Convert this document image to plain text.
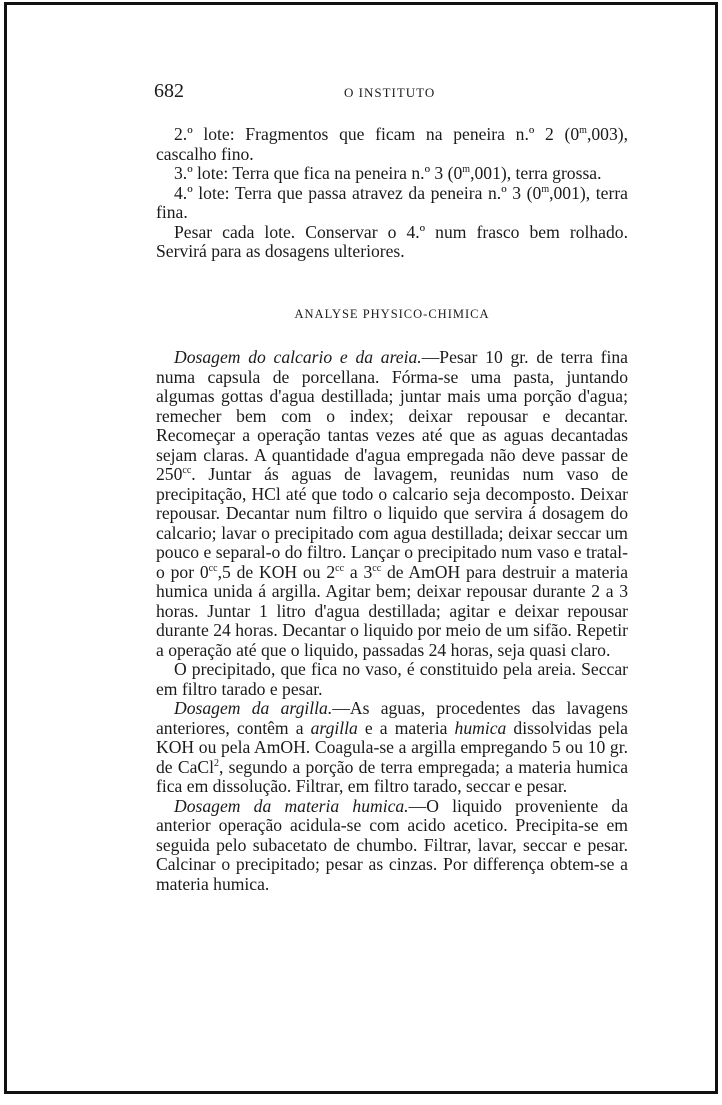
682	O INSTITUTO

2.º lote: Fragmentos que ficam na peneira n.º 2 (0$^m$,003), cascalho fino.

3.º lote: Terra que fica na peneira n.º 3 (0$^m$,001), terra grossa.

4.º lote: Terra que passa atravez da peneira n.º 3 (0$^m$,001), terra fina.

Pesar cada lote. Conservar o 4.º num frasco bem rolhado. Servirá para as dosagens ulteriores.

ANALYSE PHYSICO-CHIMICA

Dosagem do calcario e da areia.—Pesar 10 gr. de terra fina numa capsula de porcellana. Fórma-se uma pasta, juntando algumas gottas d'agua destillada; juntar mais uma porção d'agua; remecher bem com o index; deixar repousar e decantar. Recomeçar a operação tantas vezes até que as aguas decantadas sejam claras. A quantidade d'agua empregada não deve passar de $250^{cc}$. Juntar ás aguas de lavagem, reunidas num vaso de precipitação, HCl até que todo o calcario seja decomposto. Deixar repousar. Decantar num filtro o liquido que servira á dosagem do calcario; lavar o precipitado com agua destillada; deixar seccar um pouco e separal-o do filtro. Lançar o precipitado num vaso e tratal-o por $0^{cc},5$ de KOH ou $2^{cc}$ a $3^{cc}$ de AmOH para destruir a materia humica unida á argilla. Agitar bem; deixar repousar durante 2 a 3 horas. Juntar 1 litro d'agua destillada; agitar e deixar repousar durante 24 horas. Decantar o liquido por meio de um sifão. Repetir a operação até que o liquido, passadas 24 horas, seja quasi claro.

O precipitado, que fica no vaso, é constituido pela areia. Seccar em filtro tarado e pesar.

Dosagem da argilla.—As aguas, procedentes das lavagens anteriores, contêm a argilla e a materia humica dissolvidas pela KOH ou pela AmOH. Coagula-se a argilla empregando 5 ou 10 gr. de CaCl$^2$, segundo a porção de terra empregada; a materia humica fica em dissolução. Filtrar, em filtro tarado, seccar e pesar.

Dosagem da materia humica.—O liquido proveniente da anterior operação acidula-se com acido acetico. Precipita-se em seguida pelo subacetato de chumbo. Filtrar, lavar, seccar e pesar. Calcinar o precipitado; pesar as cinzas. Por differença obtem-se a materia humica.
